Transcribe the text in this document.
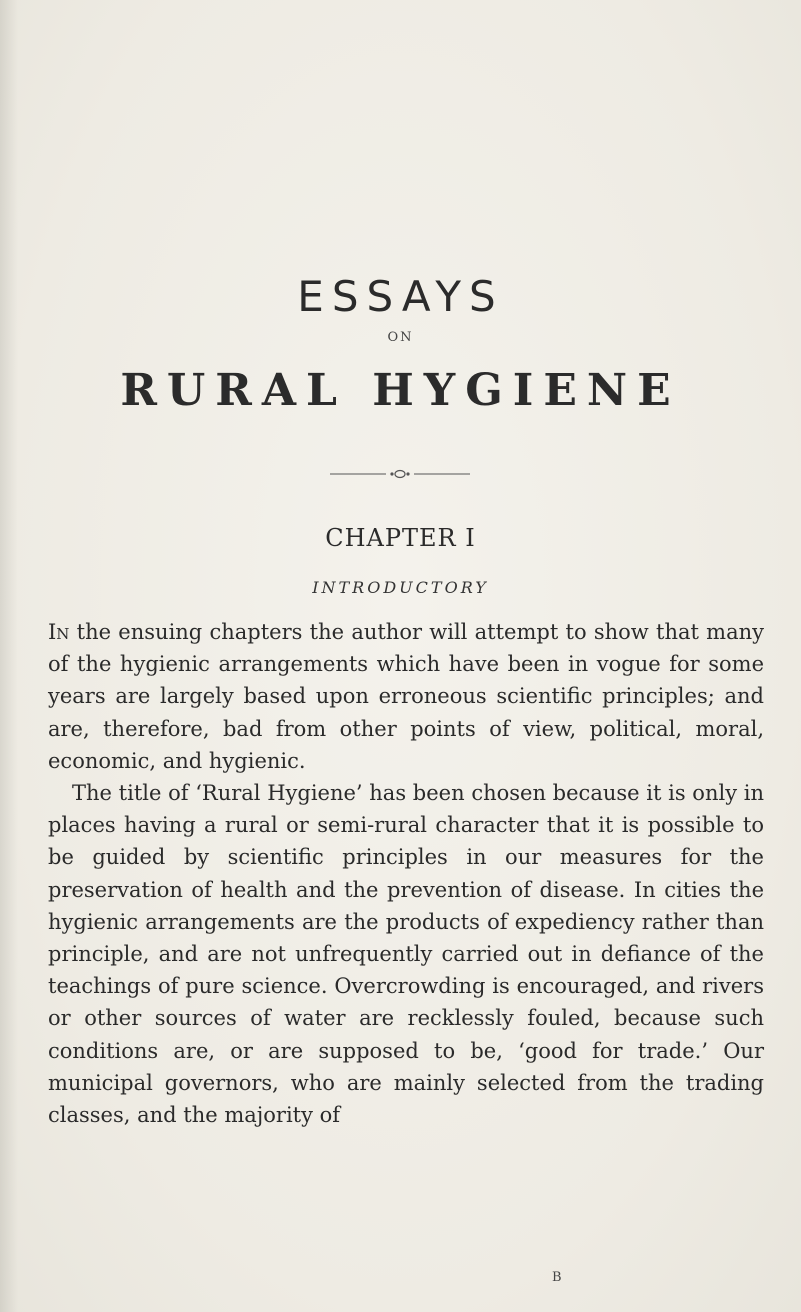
ESSAYS
ON
RURAL HYGIENE
CHAPTER I
INTRODUCTORY

In the ensuing chapters the author will attempt to show that many of the hygienic arrangements which have been in vogue for some years are largely based upon erroneous scientific principles; and are, therefore, bad from other points of view, political, moral, economic, and hygienic.

The title of ‘Rural Hygiene’ has been chosen because it is only in places having a rural or semi-rural character that it is possible to be guided by scientific principles in our measures for the preservation of health and the prevention of disease. In cities the hygienic arrangements are the products of expediency rather than principle, and are not unfrequently carried out in defiance of the teachings of pure science. Overcrowding is encouraged, and rivers or other sources of water are recklessly fouled, because such conditions are, or are supposed to be, ‘good for trade.’ Our municipal governors, who are mainly selected from the trading classes, and the majority of

B
